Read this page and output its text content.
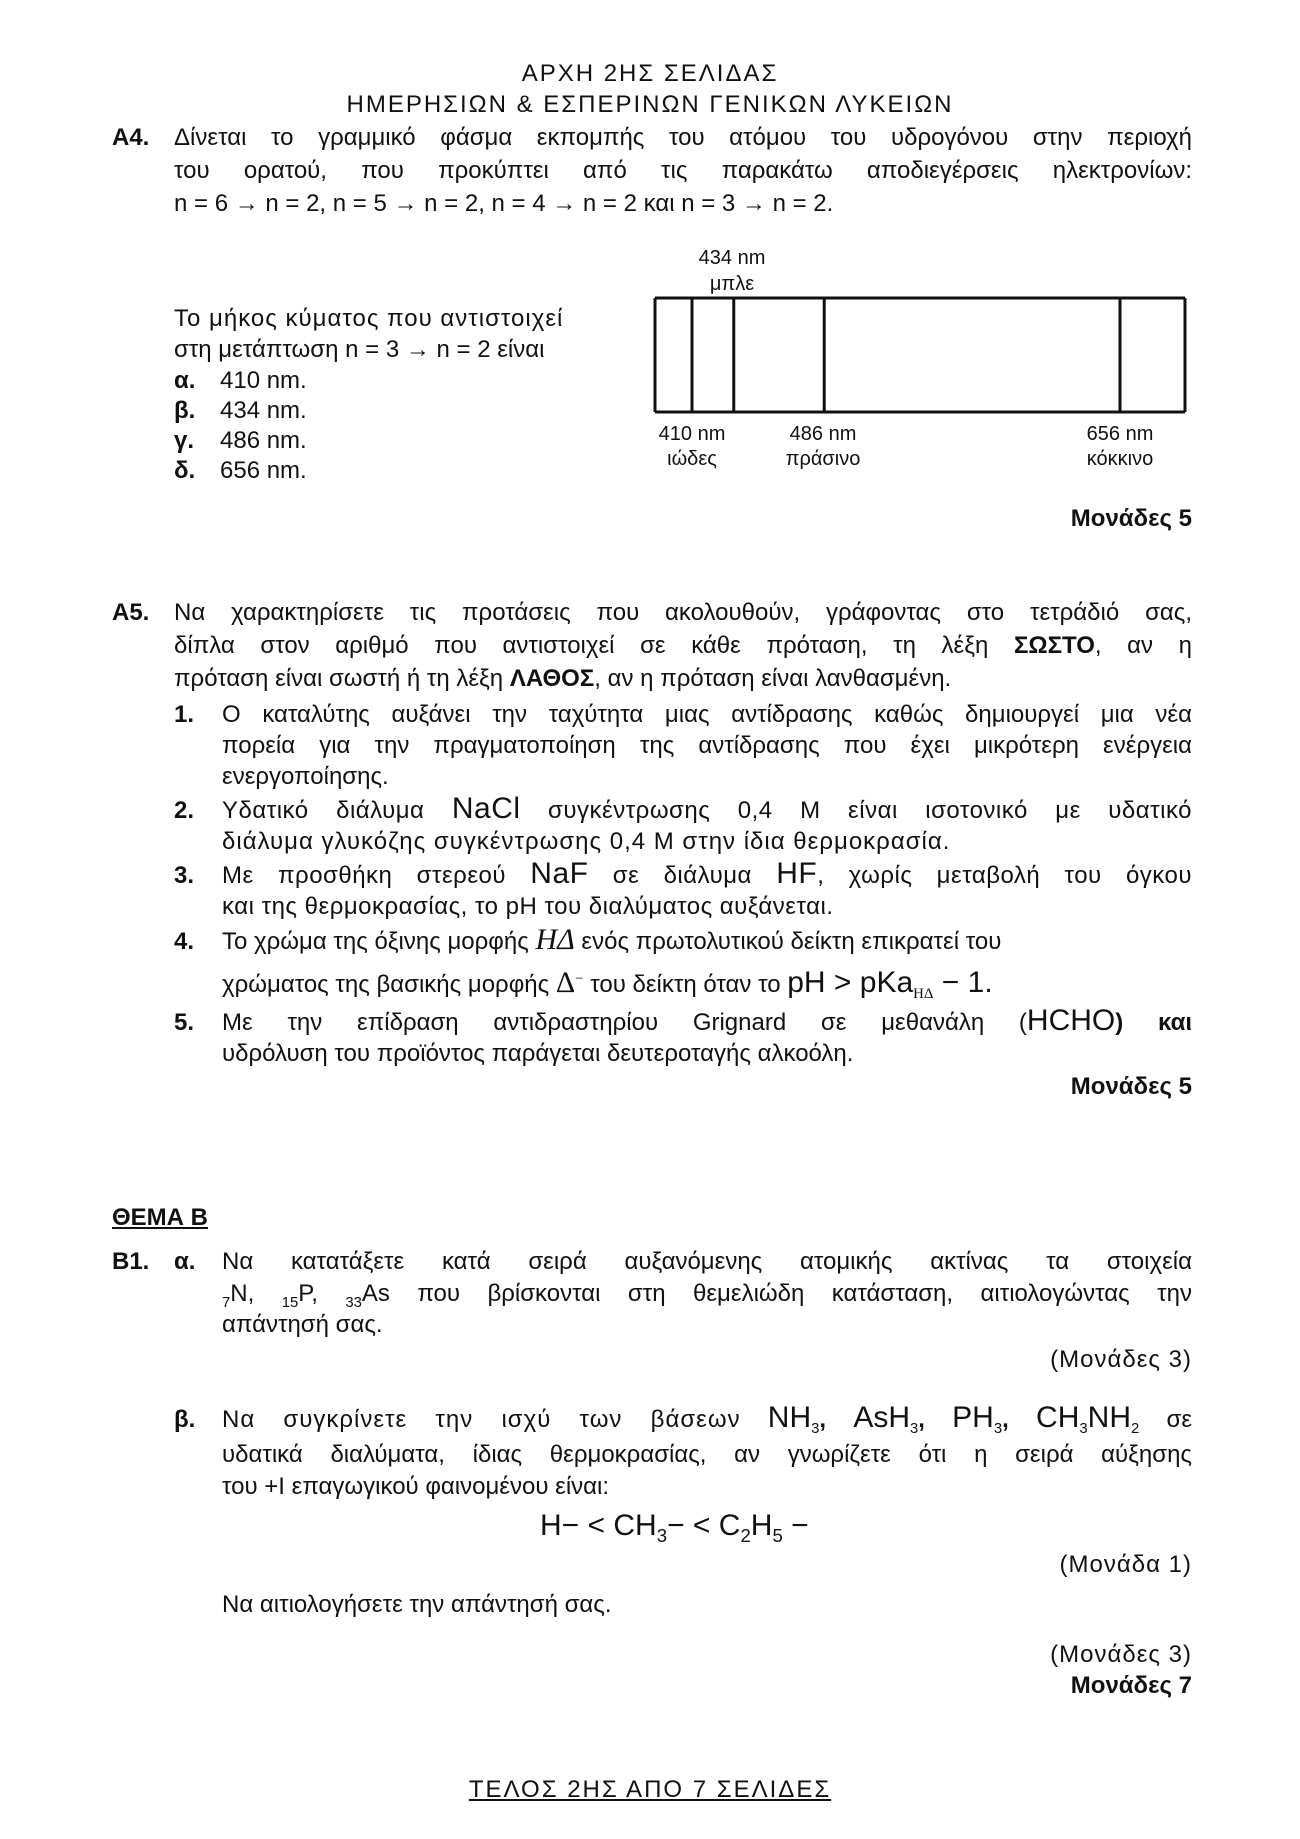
ΑΡΧΗ 2ΗΣ ΣΕΛΙΔΑΣ
ΗΜΕΡΗΣΙΩΝ & ΕΣΠΕΡΙΝΩΝ ΓΕΝΙΚΩΝ ΛΥΚΕΙΩΝ
Α4. Δίνεται το γραμμικό φάσμα εκπομπής του ατόμου του υδρογόνου στην περιοχή
του ορατού, που προκύπτει από τις παρακάτω αποδιεγέρσεις ηλεκτρονίων:
n = 6 → n = 2, n = 5 → n = 2, n = 4 → n = 2 και n = 3 → n = 2.
Το μήκος κύματος που αντιστοιχεί
στη μετάπτωση n = 3 → n = 2 είναι
α. 410 nm.
β. 434 nm.
γ. 486 nm.
δ. 656 nm.
434 nm
μπλε
410 nm
ιώδες
486 nm
πράσινο
656 nm
κόκκινο
Μονάδες 5
Α5. Να χαρακτηρίσετε τις προτάσεις που ακολουθούν, γράφοντας στο τετράδιό σας,
δίπλα στον αριθμό που αντιστοιχεί σε κάθε πρόταση, τη λέξη ΣΩΣΤΟ, αν η
πρόταση είναι σωστή ή τη λέξη ΛΑΘΟΣ, αν η πρόταση είναι λανθασμένη.
1. Ο καταλύτης αυξάνει την ταχύτητα μιας αντίδρασης καθώς δημιουργεί μια νέα
πορεία για την πραγματοποίηση της αντίδρασης που έχει μικρότερη ενέργεια
ενεργοποίησης.
2. Υδατικό διάλυμα NaCl συγκέντρωσης 0,4 M είναι ισοτονικό με υδατικό
διάλυμα γλυκόζης συγκέντρωσης 0,4 M στην ίδια θερμοκρασία.
3. Με προσθήκη στερεού NaF σε διάλυμα HF, χωρίς μεταβολή του όγκου
και της θερμοκρασίας, το pH του διαλύματος αυξάνεται.
4. Το χρώμα της όξινης μορφής ΗΔ ενός πρωτολυτικού δείκτη επικρατεί του
χρώματος της βασικής μορφής Δ− του δείκτη όταν το pH > pKa$_{H\Delta}$ − 1.
5. Με την επίδραση αντιδραστηρίου Grignard σε μεθανάλη (HCHO) και
υδρόλυση του προϊόντος παράγεται δευτεροταγής αλκοόλη.
Μονάδες 5
ΘΕΜΑ Β
Β1. α. Να κατατάξετε κατά σειρά αυξανόμενης ατομικής ακτίνας τα στοιχεία
$_7$N, $_{15}$P, $_{33}$As που βρίσκονται στη θεμελιώδη κατάσταση, αιτιολογώντας την
απάντησή σας.
(Μονάδες 3)
β. Να συγκρίνετε την ισχύ των βάσεων $NH_3$, AsH$_3$, $PH_3$, $CH_3NH_2$ σε
υδατικά διαλύματα, ίδιας θερμοκρασίας, αν γνωρίζετε ότι η σειρά αύξησης
του +I επαγωγικού φαινομένου είναι:
$H- < CH_3- < C_2H_5$ −
(Μονάδα 1)
Να αιτιολογήσετε την απάντησή σας.
(Μονάδες 3)
Μονάδες 7
ΤΕΛΟΣ 2ΗΣ ΑΠΟ 7 ΣΕΛΙΔΕΣ
